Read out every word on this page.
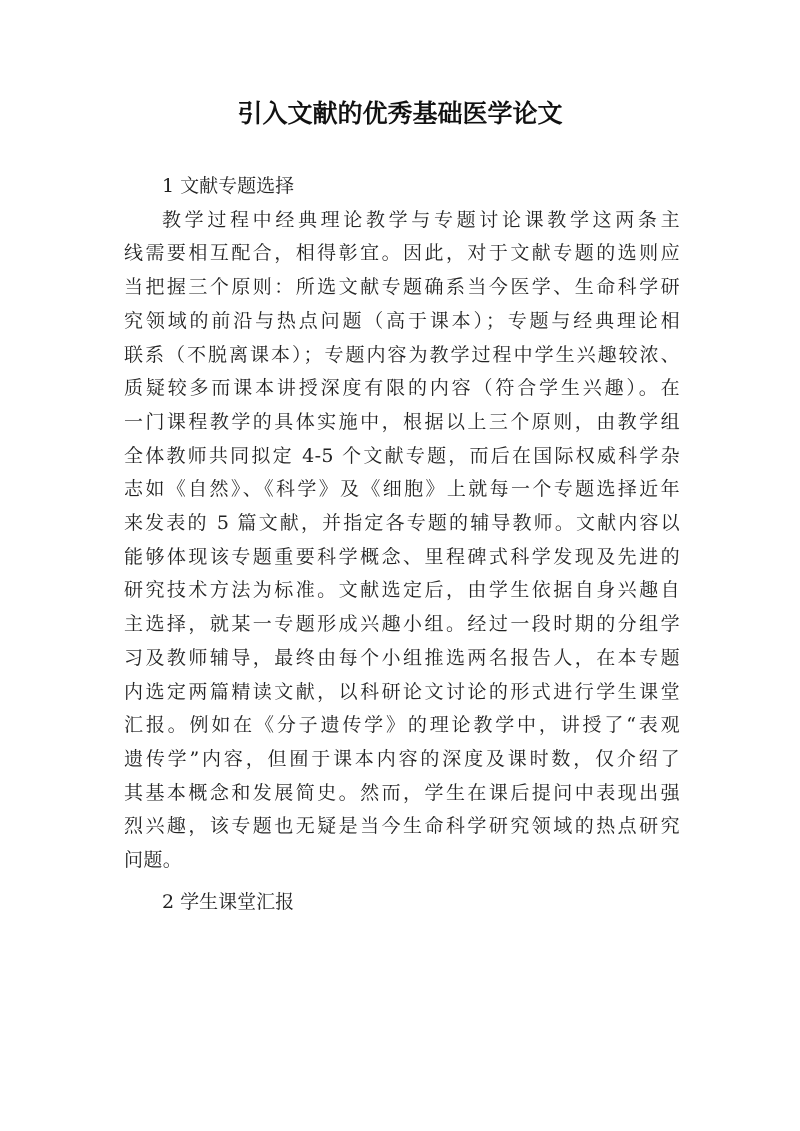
引入文献的优秀基础医学论文

1 文献专题选择

教学过程中经典理论教学与专题讨论课教学这两条主
线需要相互配合，相得彰宜。因此，对于文献专题的选则应
当把握三个原则：所选文献专题确系当今医学、生命科学研
究领域的前沿与热点问题（高于课本）；专题与经典理论相
联系（不脱离课本）；专题内容为教学过程中学生兴趣较浓、
质疑较多而课本讲授深度有限的内容（符合学生兴趣）。在
一门课程教学的具体实施中，根据以上三个原则，由教学组
全体教师共同拟定 4-5 个文献专题，而后在国际权威科学杂
志如《自然》、《科学》及《细胞》上就每一个专题选择近年
来发表的 5 篇文献，并指定各专题的辅导教师。文献内容以
能够体现该专题重要科学概念、里程碑式科学发现及先进的
研究技术方法为标准。文献选定后，由学生依据自身兴趣自
主选择，就某一专题形成兴趣小组。经过一段时期的分组学
习及教师辅导，最终由每个小组推选两名报告人，在本专题
内选定两篇精读文献，以科研论文讨论的形式进行学生课堂
汇报。例如在《分子遗传学》的理论教学中，讲授了“表观
遗传学”内容，但囿于课本内容的深度及课时数，仅介绍了
其基本概念和发展简史。然而，学生在课后提问中表现出强
烈兴趣，该专题也无疑是当今生命科学研究领域的热点研究
问题。

2 学生课堂汇报
